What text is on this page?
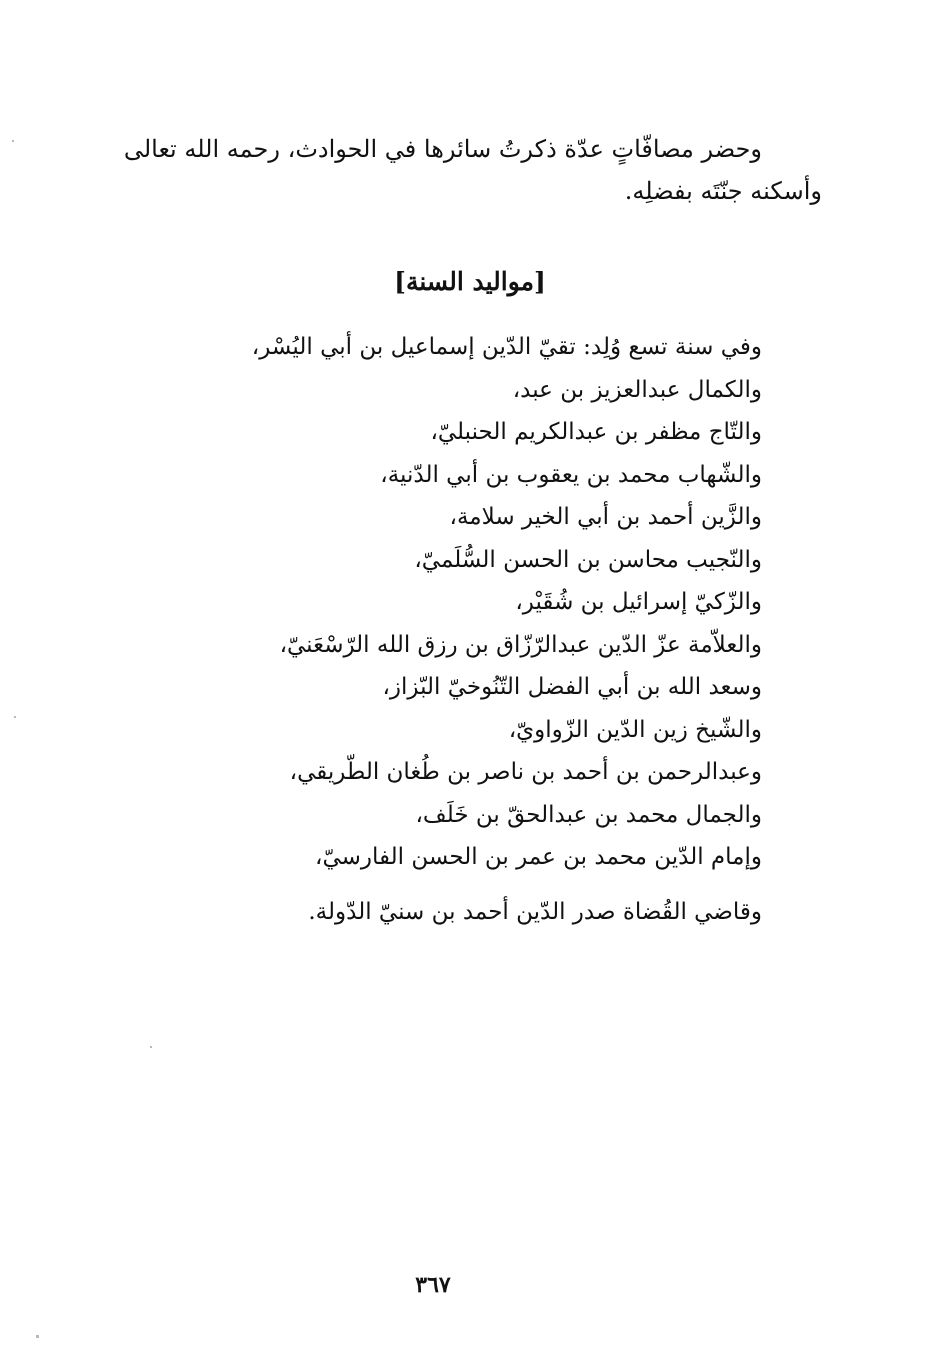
وحضر مصافّاتٍ عدّة ذكرتُ سائرها في الحوادث، رحمه الله تعالى
وأسكنه جنّتَه بفضلِه.
[مواليد السنة]
وفي سنة تسع وُلِد: تقيّ الدّين إسماعيل بن أبي اليُسْر،
والكمال عبدالعزيز بن عبد،
والتّاج مظفر بن عبدالكريم الحنبليّ،
والشّهاب محمد بن يعقوب بن أبي الدّنية،
والزَّين أحمد بن أبي الخير سلامة،
والنّجيب محاسن بن الحسن السُّلَميّ،
والزّكيّ إسرائيل بن شُقَيْر،
والعلاّمة عزّ الدّين عبدالرّزّاق بن رزق الله الرّسْعَنيّ،
وسعد الله بن أبي الفضل التّنُوخيّ البّزاز،
والشّيخ زين الدّين الزّواويّ،
وعبدالرحمن بن أحمد بن ناصر بن طُغان الطّريقي،
والجمال محمد بن عبدالحقّ بن خَلَف،
وإمام الدّين محمد بن عمر بن الحسن الفارسيّ،
وقاضي القُضاة صدر الدّين أحمد بن سنيّ الدّولة.
٣٦٧
